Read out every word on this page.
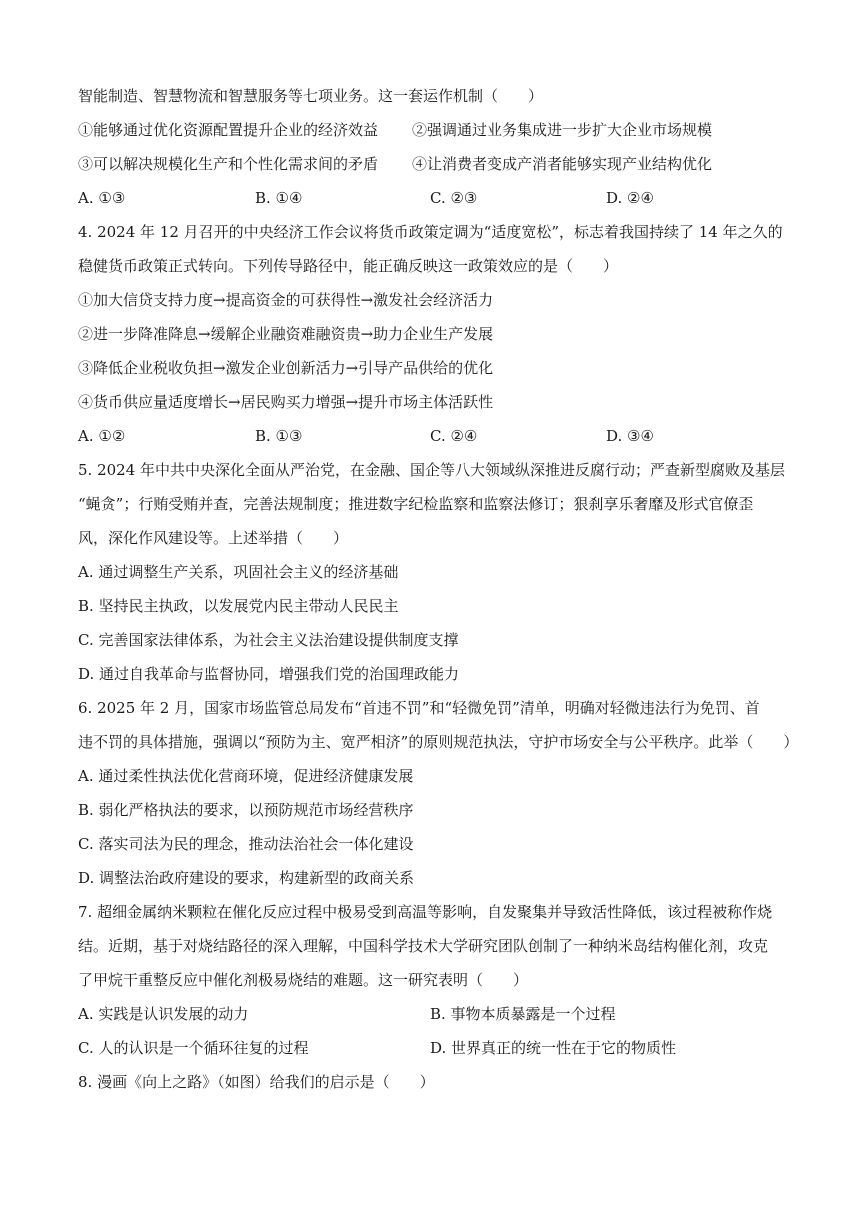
智能制造、智慧物流和智慧服务等七项业务。这一套运作机制（　　）
①能够通过优化资源配置提升企业的经济效益 ②强调通过业务集成进一步扩大企业市场规模
③可以解决规模化生产和个性化需求间的矛盾 ④让消费者变成产消者能够实现产业结构优化
A. ①③	B. ①④	C. ②③	D. ②④
4. 2024 年 12 月召开的中央经济工作会议将货币政策定调为“适度宽松”，标志着我国持续了 14 年之久的
稳健货币政策正式转向。下列传导路径中，能正确反映这一政策效应的是（　　）
①加大信贷支持力度→提高资金的可获得性→激发社会经济活力
②进一步降准降息→缓解企业融资难融资贵→助力企业生产发展
③降低企业税收负担→激发企业创新活力→引导产品供给的优化
④货币供应量适度增长→居民购买力增强→提升市场主体活跃性
A. ①②	B. ①③	C. ②④	D. ③④
5. 2024 年中共中央深化全面从严治党，在金融、国企等八大领域纵深推进反腐行动；严查新型腐败及基层
“蝇贪”；行贿受贿并查，完善法规制度；推进数字纪检监察和监察法修订；狠刹享乐奢靡及形式官僚歪
风，深化作风建设等。上述举措（　　）
A. 通过调整生产关系，巩固社会主义的经济基础
B. 坚持民主执政，以发展党内民主带动人民民主
C. 完善国家法律体系，为社会主义法治建设提供制度支撑
D. 通过自我革命与监督协同，增强我们党的治国理政能力
6. 2025 年 2 月，国家市场监管总局发布“首违不罚”和“轻微免罚”清单，明确对轻微违法行为免罚、首
违不罚的具体措施，强调以“预防为主、宽严相济”的原则规范执法，守护市场安全与公平秩序。此举（　　）
A. 通过柔性执法优化营商环境，促进经济健康发展
B. 弱化严格执法的要求，以预防规范市场经营秩序
C. 落实司法为民的理念，推动法治社会一体化建设
D. 调整法治政府建设的要求，构建新型的政商关系
7. 超细金属纳米颗粒在催化反应过程中极易受到高温等影响，自发聚集并导致活性降低，该过程被称作烧
结。近期，基于对烧结路径的深入理解，中国科学技术大学研究团队创制了一种纳米岛结构催化剂，攻克
了甲烷干重整反应中催化剂极易烧结的难题。这一研究表明（　　）
A. 实践是认识发展的动力	B. 事物本质暴露是一个过程
C. 人的认识是一个循环往复的过程	D. 世界真正的统一性在于它的物质性
8. 漫画《向上之路》（如图）给我们的启示是（　　）
